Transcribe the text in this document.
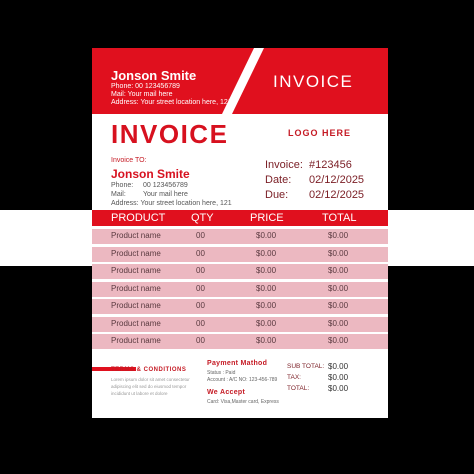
Jonson Smite
Phone: 00 123456789
Mail: Your mail here
Address: Your street location here, 121
INVOICE
INVOICE	LOGO HERE
Invoice TO:
Jonson Smite
Phone: 00 123456789
Mail: Your mail here
Address: Your street location here, 121
Invoice: #123456
Date: 02/12/2025
Due: 02/12/2025
PRODUCT QTY	PRICE	TOTAL
Product name	00	$0.00	$0.00
Product name	00	$0.00	$0.00
Product name	00	$0.00	$0.00
Product name	00	$0.00	$0.00
Product name	00	$0.00	$0.00
Product name	00	$0.00	$0.00
Product name	00	$0.00	$0.00
TERMS & CONDITIONS
Lorem ipsum dolor sit amet consectetur
adipiscing elit sed do eiusmod tempor
incididunt ut labore et dolore
Payment Mathod
Status : Paid
Account : A/C NO: 123-456-789
We Accept
Card: Visa,Master card, Express
SUB TOTAL: $0.00
TAX:	$0.00
TOTAL: $0.00
